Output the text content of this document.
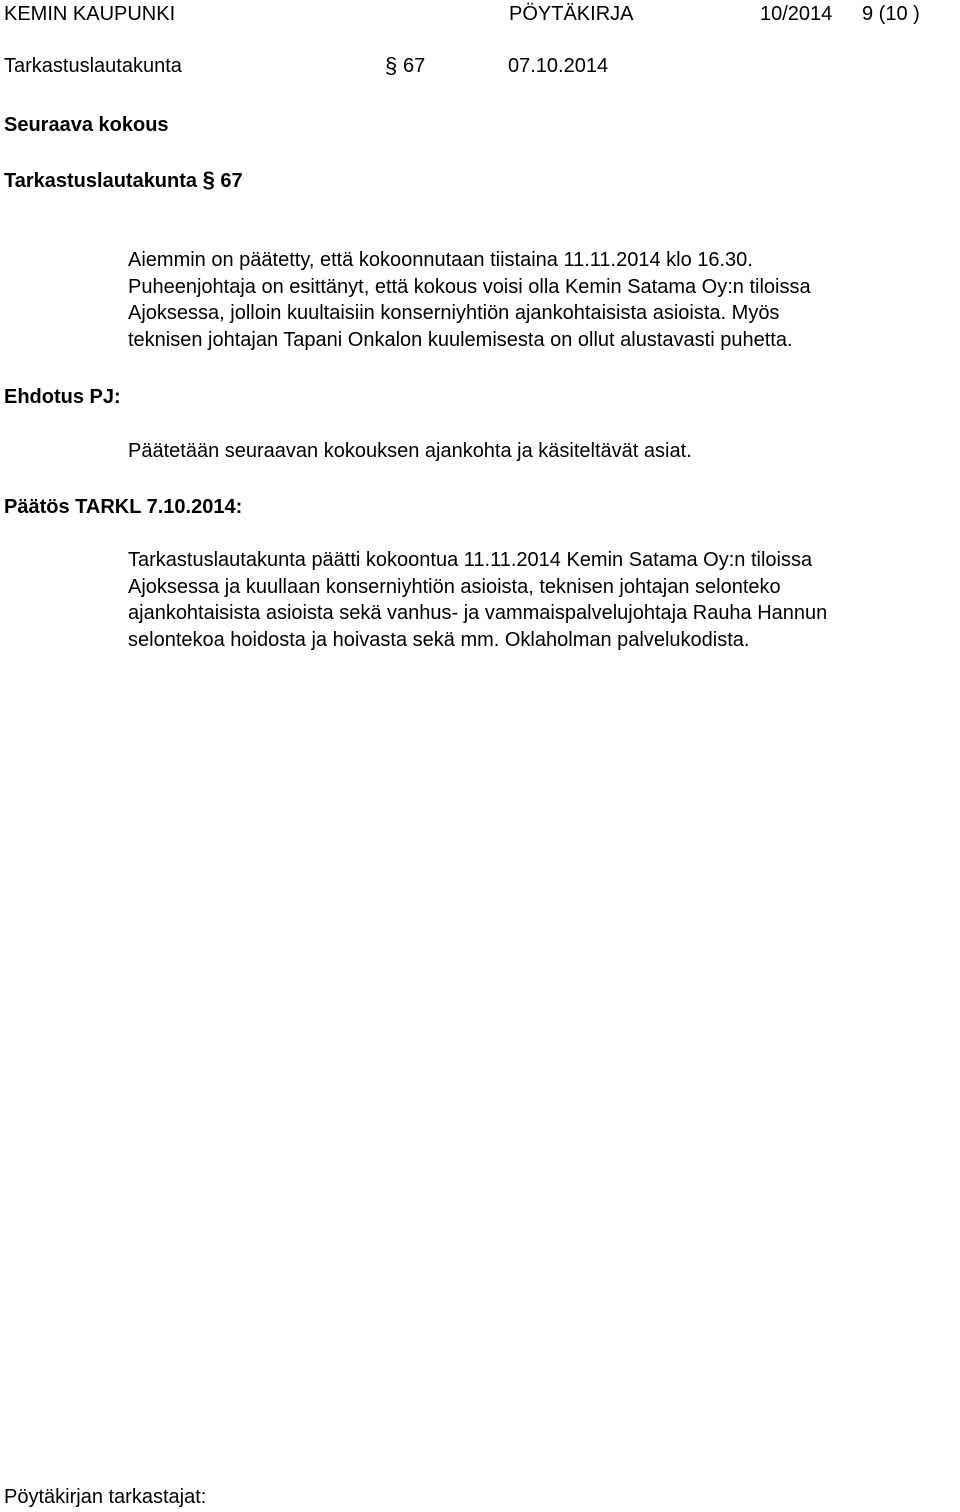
KEMIN KAUPUNKI	PÖYTÄKIRJA	10/2014 9 (10 )
Tarkastuslautakunta	§ 67	07.10.2014
Seuraava kokous
Tarkastuslautakunta § 67

Aiemmin on päätetty, että kokoonnutaan tiistaina 11.11.2014 klo 16.30.

Puheenjohtaja on esittänyt, että kokous voisi olla Kemin Satama Oy:n tiloissa

Ajoksessa, jolloin kuultaisiin konserniyhtiön ajankohtaisista asioista. Myös

teknisen johtajan Tapani Onkalon kuulemisesta on ollut alustavasti puhetta.

Ehdotus PJ:

Päätetään seuraavan kokouksen ajankohta ja käsiteltävät asiat.

Päätös TARKL 7.10.2014:

Tarkastuslautakunta päätti kokoontua 11.11.2014 Kemin Satama Oy:n tiloissa

Ajoksessa ja kuullaan konserniyhtiön asioista, teknisen johtajan selonteko

ajankohtaisista asioista sekä vanhus- ja vammaispalvelujohtaja Rauha Hannun

selontekoa hoidosta ja hoivasta sekä mm. Oklaholman palvelukodista.

Pöytäkirjan tarkastajat:
